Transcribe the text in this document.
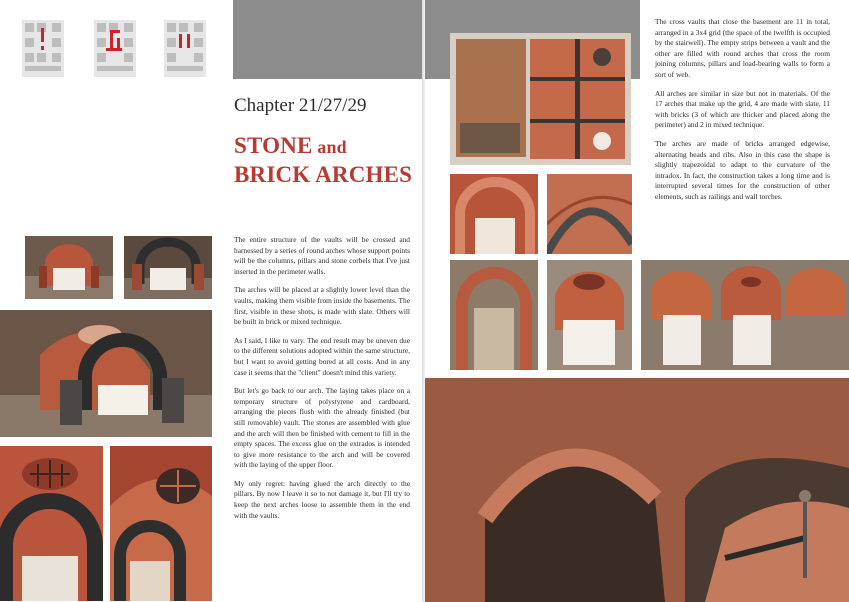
Chapter 21/27/29
STONE and
BRICK ARCHES

The entire structure of the vaults will be crossed and harnessed by a series of round arches whose support points will be the columns, pillars and stone corbels that I've just inserted in the perimeter walls.

The arches will be placed at a slightly lower level than the vaults, making them visible from inside the basements. The first, visible in these shots, is made with slate. Others will be built in brick or mixed technique.

As I said, I like to vary. The end result may be uneven due to the different solutions adopted within the same structure, but I want to avoid getting bored at all costs. And in any case it seems that the "client" doesn't mind this variety.

But let's go back to our arch. The laying takes place on a temporary structure of polystyrene and cardboard, arranging the pieces flush with the already finished (but still removable) vault. The stones are assembled with glue and the arch will then be finished with cement to fill in the empty spaces. The excess glue on the extrados is intended to give more resistance to the arch and will be covered with the laying of the upper floor.

My only regret: having glued the arch directly to the pillars. By now I leave it so to not damage it, but I'll try to keep the next arches loose to assemble them in the end with the vaults.

The cross vaults that close the basement are 11 in total, arranged in a 3x4 grid (the space of the twelfth is occupied by the stairwell). The empty strips between a vault and the other are filled with round arches that cross the room joining columns, pillars and load-bearing walls to form a sort of web.

All arches are similar in size but not in materials. Of the 17 arches that make up the grid, 4 are made with slate, 11 with bricks (3 of which are thicker and placed along the perimeter) and 2 in mixed technique.

The arches are made of bricks arranged edgewise, alternating heads and ribs. Also in this case the shape is slightly trapezoidal to adapt to the curvature of the intradox. In fact, the construction takes a long time and is interrupted several times for the construction of other elements, such as railings and wall torches.
